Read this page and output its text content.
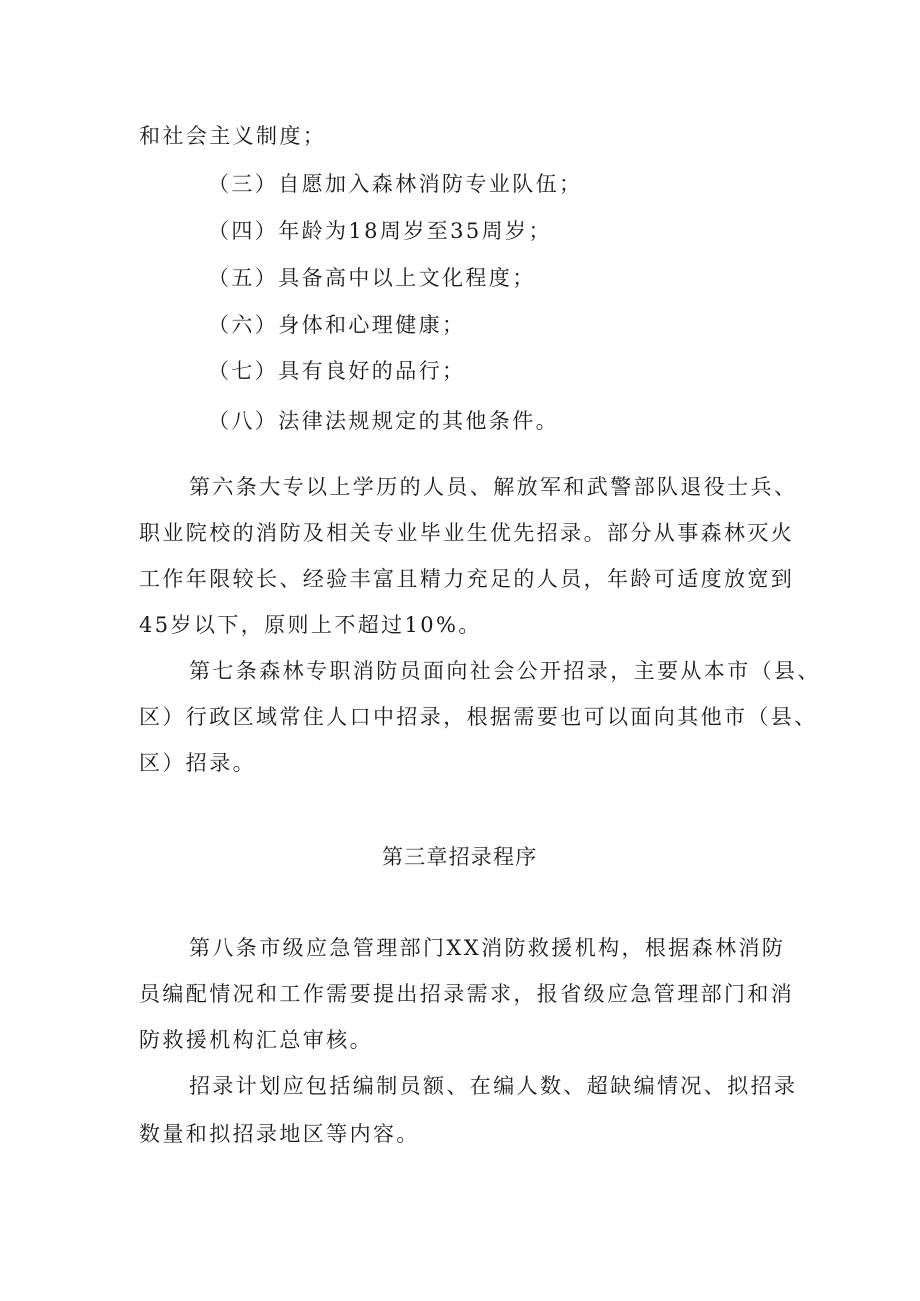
和社会主义制度；
（三）自愿加入森林消防专业队伍；
（四）年龄为18周岁至35周岁；
（五）具备高中以上文化程度；
（六）身体和心理健康；
（七）具有良好的品行；
（八）法律法规规定的其他条件。
第六条大专以上学历的人员、解放军和武警部队退役士兵、
职业院校的消防及相关专业毕业生优先招录。部分从事森林灭火
工作年限较长、经验丰富且精力充足的人员，年龄可适度放宽到
45岁以下，原则上不超过10%。
第七条森林专职消防员面向社会公开招录，主要从本市（县、
区）行政区域常住人口中招录，根据需要也可以面向其他市（县、
区）招录。
第三章招录程序
第八条市级应急管理部门XX消防救援机构，根据森林消防
员编配情况和工作需要提出招录需求，报省级应急管理部门和消
防救援机构汇总审核。
招录计划应包括编制员额、在编人数、超缺编情况、拟招录
数量和拟招录地区等内容。
